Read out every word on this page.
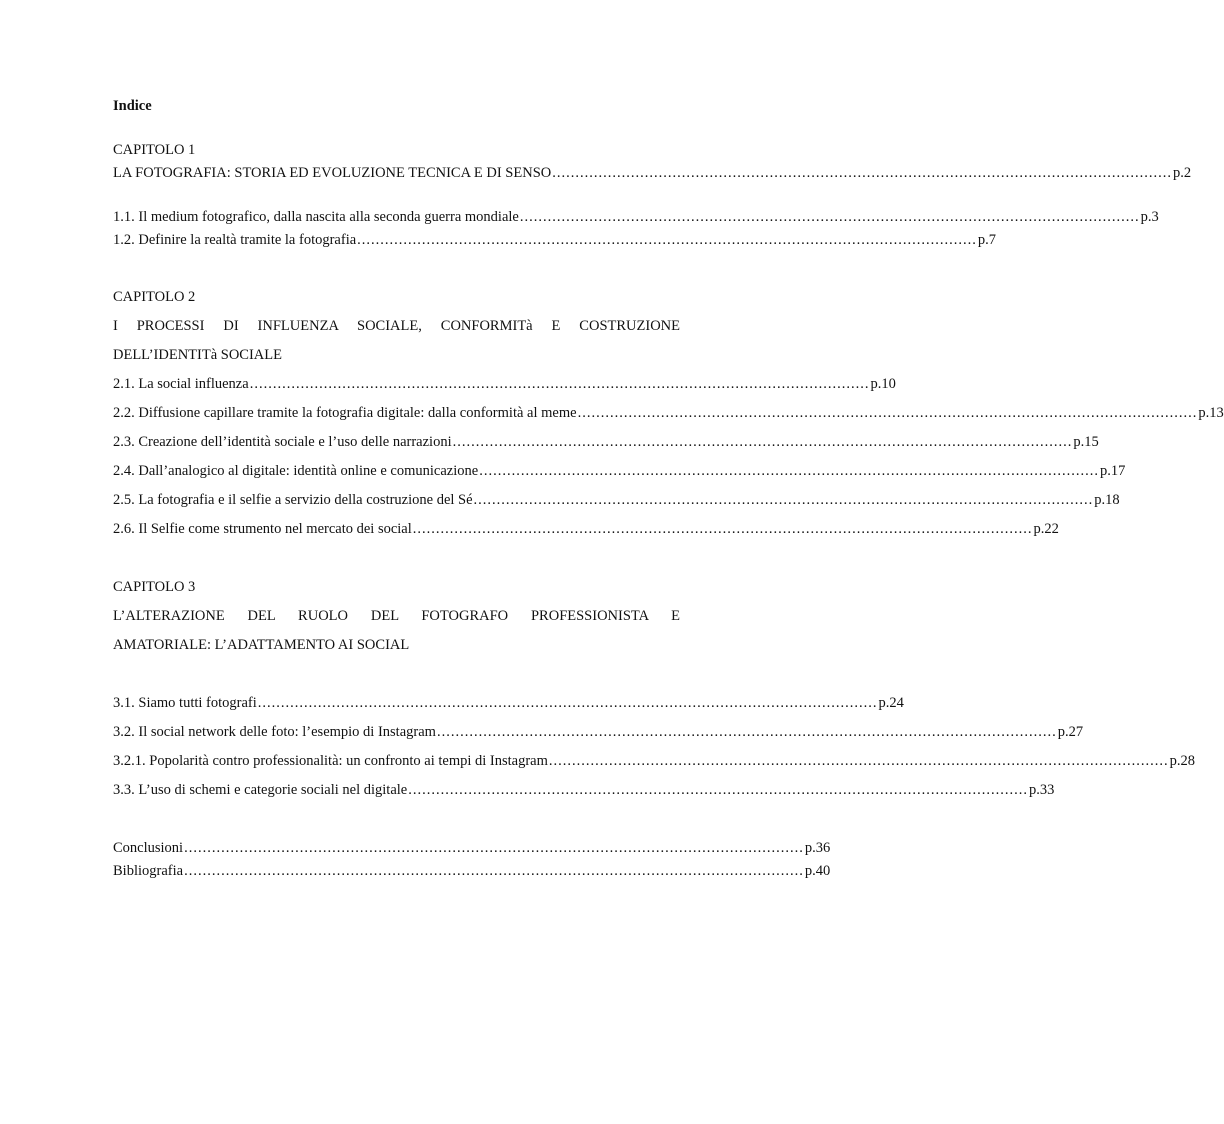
Indice
CAPITOLO 1
LA FOTOGRAFIA: STORIA ED EVOLUZIONE TECNICA E DI SENSO ...................................................................................................................................... p.2
1.1. Il medium fotografico, dalla nascita alla seconda guerra mondiale ...................................................................................................................................... p.3
1.2. Definire la realtà tramite la fotografia ...................................................................................................................................... p.7
CAPITOLO 2
I PROCESSI DI INFLUENZA SOCIALE, CONFORMITà E COSTRUZIONE
DELL’IDENTITà SOCIALE
2.1. La social influenza ...................................................................................................................................... p.10
2.2. Diffusione capillare tramite la fotografia digitale: dalla conformità al meme ...................................................................................................................................... p.13
2.3. Creazione dell’identità sociale e l’uso delle narrazioni ...................................................................................................................................... p.15
2.4. Dall’analogico al digitale: identità online e comunicazione ...................................................................................................................................... p.17
2.5. La fotografia e il selfie a servizio della costruzione del Sé ...................................................................................................................................... p.18
2.6. Il Selfie come strumento nel mercato dei social ...................................................................................................................................... p.22
CAPITOLO 3
L’ALTERAZIONE DEL RUOLO DEL FOTOGRAFO PROFESSIONISTA E
AMATORIALE: L’ADATTAMENTO AI SOCIAL
3.1. Siamo tutti fotografi ...................................................................................................................................... p.24
3.2. Il social network delle foto: l’esempio di Instagram ...................................................................................................................................... p.27
3.2.1. Popolarità contro professionalità: un confronto ai tempi di Instagram ...................................................................................................................................... p.28
3.3. L’uso di schemi e categorie sociali nel digitale ...................................................................................................................................... p.33
Conclusioni ...................................................................................................................................... p.36
Bibliografia ...................................................................................................................................... p.40
